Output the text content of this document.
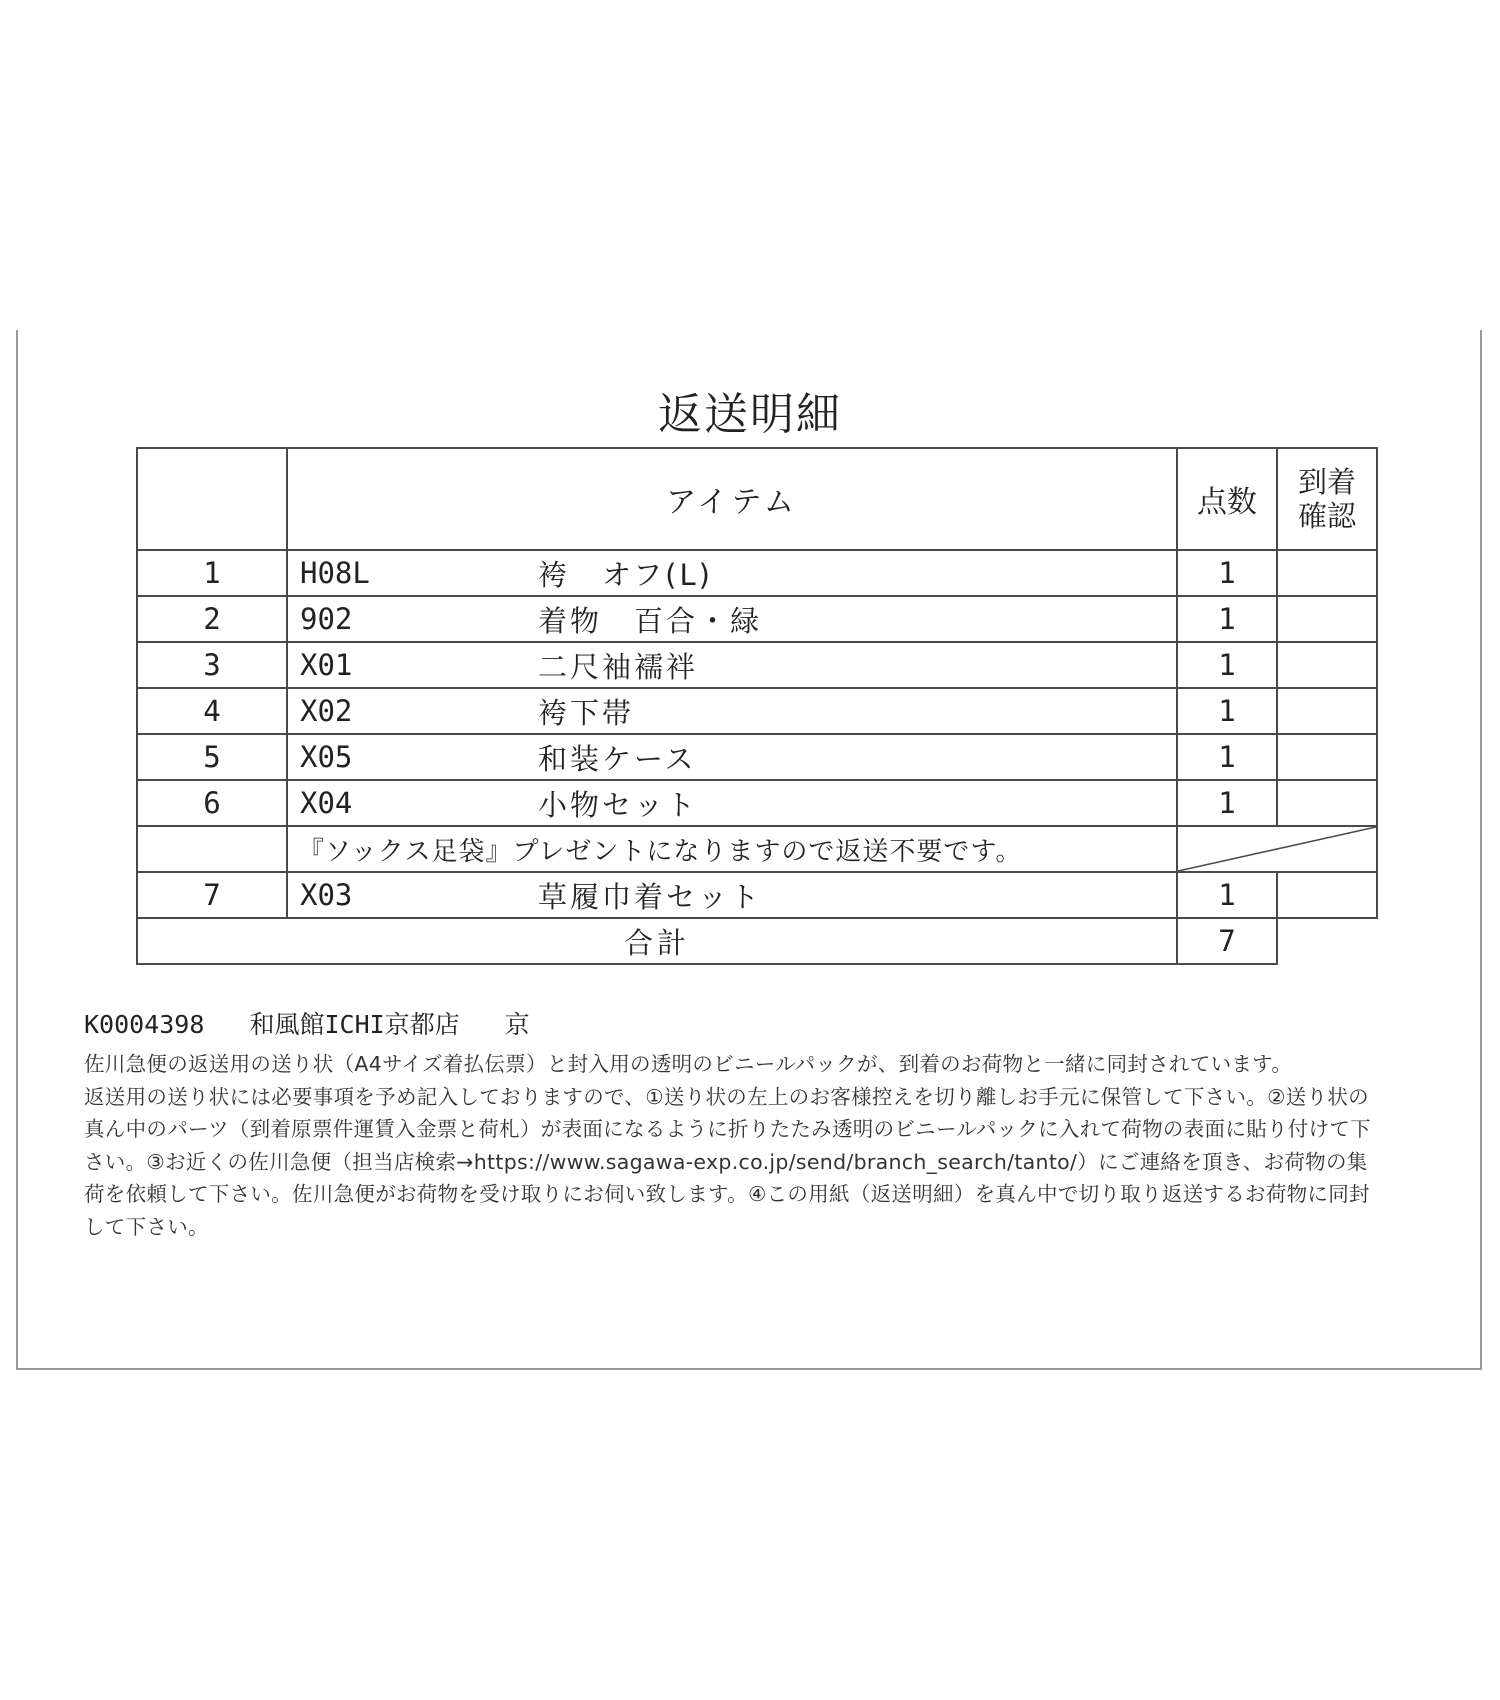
返送明細
	アイテム	点数	到着
確認

1	H08L 袴　オフ(L)	1	
2	902 着物　百合・緑	1	
3	X01 二尺袖襦袢	1	
4	X02 袴下帯	1	
5	X05 和装ケース	1	
6	X04 小物セット	1	
	『ソックス足袋』プレゼントになりますので返送不要です。	

7	X03 草履巾着セット	1	
合計		7	
K0004398 和風館ICHI京都店 京

佐川急便の返送用の送り状（A4サイズ着払伝票）と封入用の透明のビニールパックが、到着のお荷物と一緒に同封されています。

返送用の送り状には必要事項を予め記入しておりますので、①送り状の左上のお客様控えを切り離しお手元に保管して下さい。②送り状の真ん中のパーツ（到着原票件運賃入金票と荷札）が表面になるように折りたたみ透明のビニールパックに入れて荷物の表面に貼り付けて下さい。③お近くの佐川急便（担当店検索→https://www.sagawa-exp.co.jp/send/branch_search/tanto/）にご連絡を頂き、お荷物の集荷を依頼して下さい。佐川急便がお荷物を受け取りにお伺い致します。④この用紙（返送明細）を真ん中で切り取り返送するお荷物に同封して下さい。
